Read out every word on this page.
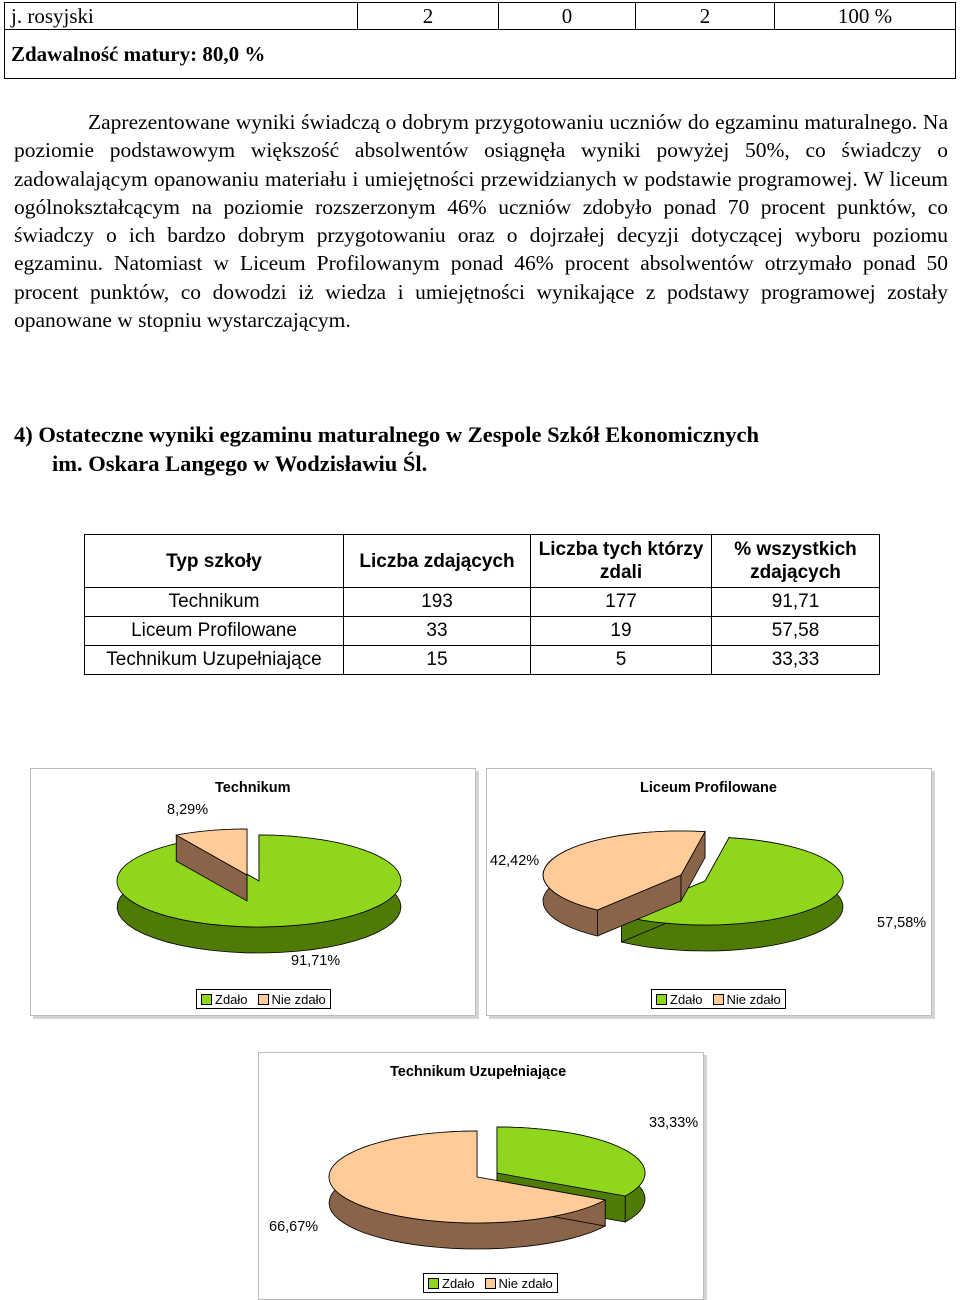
j. rosyjski	2	0	2	100 %
Zdawalność matury: 80,0 %

Zaprezentowane wyniki świadczą o dobrym przygotowaniu uczniów do egzaminu maturalnego. Na poziomie podstawowym większość absolwentów osiągnęła wyniki powyżej 50%, co świadczy o zadowalającym opanowaniu materiału i umiejętności przewidzianych w podstawie programowej. W liceum ogólnokształcącym na poziomie rozszerzonym 46% uczniów zdobyło ponad 70 procent punktów, co świadczy o ich bardzo dobrym przygotowaniu oraz o dojrzałej decyzji dotyczącej wyboru poziomu egzaminu. Natomiast w Liceum Profilowanym ponad 46% procent absolwentów otrzymało ponad 50 procent punktów, co dowodzi iż wiedza i umiejętności wynikające z podstawy programowej zostały opanowane w stopniu wystarczającym.

4) Ostateczne wyniki egzaminu maturalnego w Zespole Szkół Ekonomicznych
im. Oskara Langego w Wodzisławiu Śl.

Typ szkoły	Liczba zdających	Liczba tych którzy zdali	% wszystkich zdających
Technikum	193	177	91,71
Liceum Profilowane	33	19	57,58
Technikum Uzupełniające	15	5	33,33
Technikum
8,29%
91,71%
Zdało Nie zdało
Liceum Profilowane
42,42%
57,58%
Zdało Nie zdało
Technikum Uzupełniające
33,33%
66,67%
Zdało Nie zdało
